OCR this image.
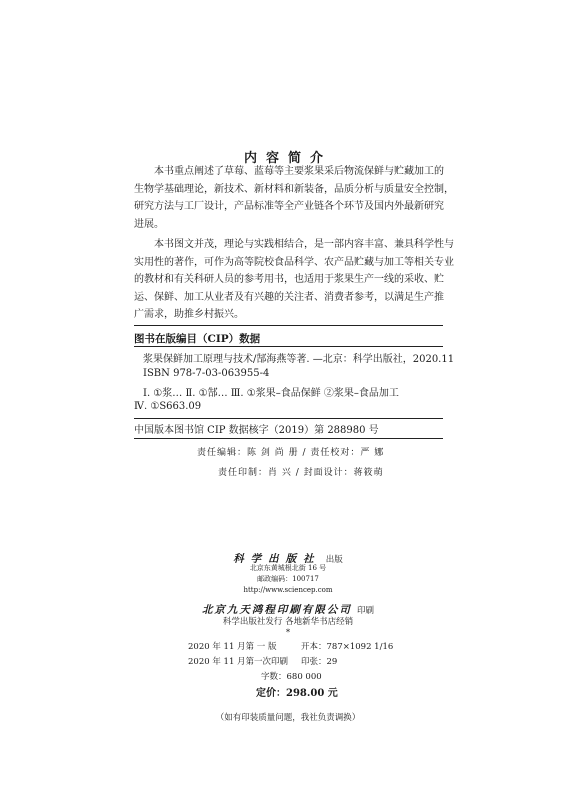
内容简介
本书重点阐述了草莓、蓝莓等主要浆果采后物流保鲜与贮藏加工的
生物学基础理论，新技术、新材料和新装备，品质分析与质量安全控制，
研究方法与工厂设计，产品标准等全产业链各个环节及国内外最新研究
进展。
本书图文并茂，理论与实践相结合，是一部内容丰富、兼具科学性与
实用性的著作，可作为高等院校食品科学、农产品贮藏与加工等相关专业
的教材和有关科研人员的参考用书，也适用于浆果生产一线的采收、贮
运、保鲜、加工从业者及有兴趣的关注者、消费者参考，以满足生产推
广需求，助推乡村振兴。
图书在版编目（CIP）数据
浆果保鲜加工原理与技术/郜海燕等著. —北京：科学出版社，2020.11
ISBN 978-7-03-063955-4
Ⅰ. ①浆… Ⅱ. ①郜… Ⅲ. ①浆果–食品保鲜 ②浆果–食品加工
Ⅳ. ①S663.09
中国版本图书馆 CIP 数据核字（2019）第 288980 号
责任编辑：陈 剑 尚 册 / 责任校对：严 娜
责任印制：肖 兴 / 封面设计：蒋筱萌
科学出版社 出版
北京东黄城根北街 16 号
邮政编码：100717
http://www.sciencep.com
北京九天鸿程印刷有限公司 印刷
科学出版社发行 各地新华书店经销
*
2020 年 11 月第 一 版	开本：787×1092 1/16
2020 年 11 月第一次印刷 印张：29
字数：680 000
定价：298.00 元
（如有印装质量问题，我社负责调换）
